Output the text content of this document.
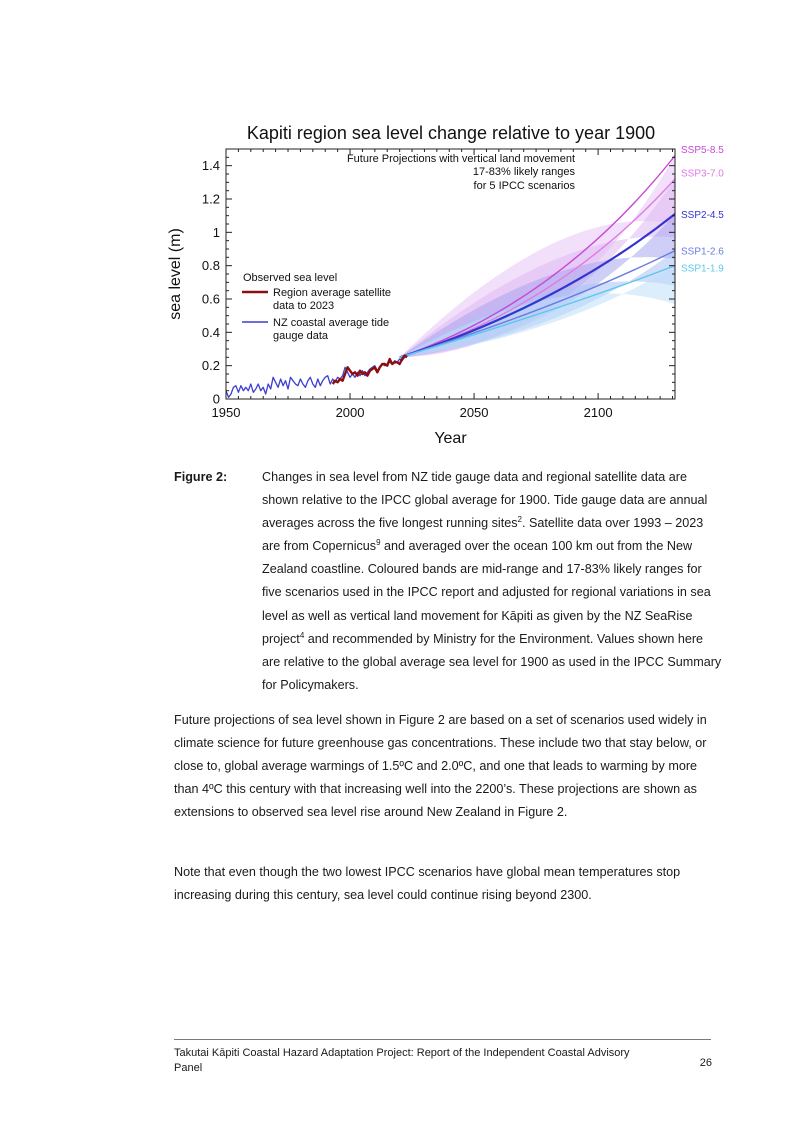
Kapiti region sea level change relative to year 1900
1950	2000	2050	2100
0
0.2
0.4
0.6
0.8
1
1.2
1.4
Year
sea level (m)
Future Projections with vertical land movement
17-83% likely ranges
for 5 IPCC scenarios
Observed sea level
Region average satellite
data to 2023
NZ coastal average tide
gauge data
SSP5-8.5
SSP3-7.0
SSP2-4.5
SSP1-2.6
SSP1-1.9
Figure 2:	Changes in sea level from NZ tide gauge data and regional satellite data are shown relative to the IPCC global average for 1900. Tide gauge data are annual averages across the five longest running sites$^2$. Satellite data over 1993 – 2023 are from Copernicus$^9$ and averaged over the ocean 100 km out from the New Zealand coastline. Coloured bands are mid-range and 17-83% likely ranges for five scenarios used in the IPCC report and adjusted for regional variations in sea level as well as vertical land movement for Kāpiti as given by the NZ SeaRise project$^4$ and recommended by Ministry for the Environment. Values shown here are relative to the global average sea level for 1900 as used in the IPCC Summary for Policymakers.

Future projections of sea level shown in Figure 2 are based on a set of scenarios used widely in climate science for future greenhouse gas concentrations. These include two that stay below, or close to, global average warmings of 1.5ºC and 2.0ºC, and one that leads to warming by more than 4ºC this century with that increasing well into the 2200’s. These projections are shown as extensions to observed sea level rise around New Zealand in Figure 2.

Note that even though the two lowest IPCC scenarios have global mean temperatures stop increasing during this century, sea level could continue rising beyond 2300.

Takutai Kāpiti Coastal Hazard Adaptation Project: Report of the Independent Coastal Advisory Panel	26
